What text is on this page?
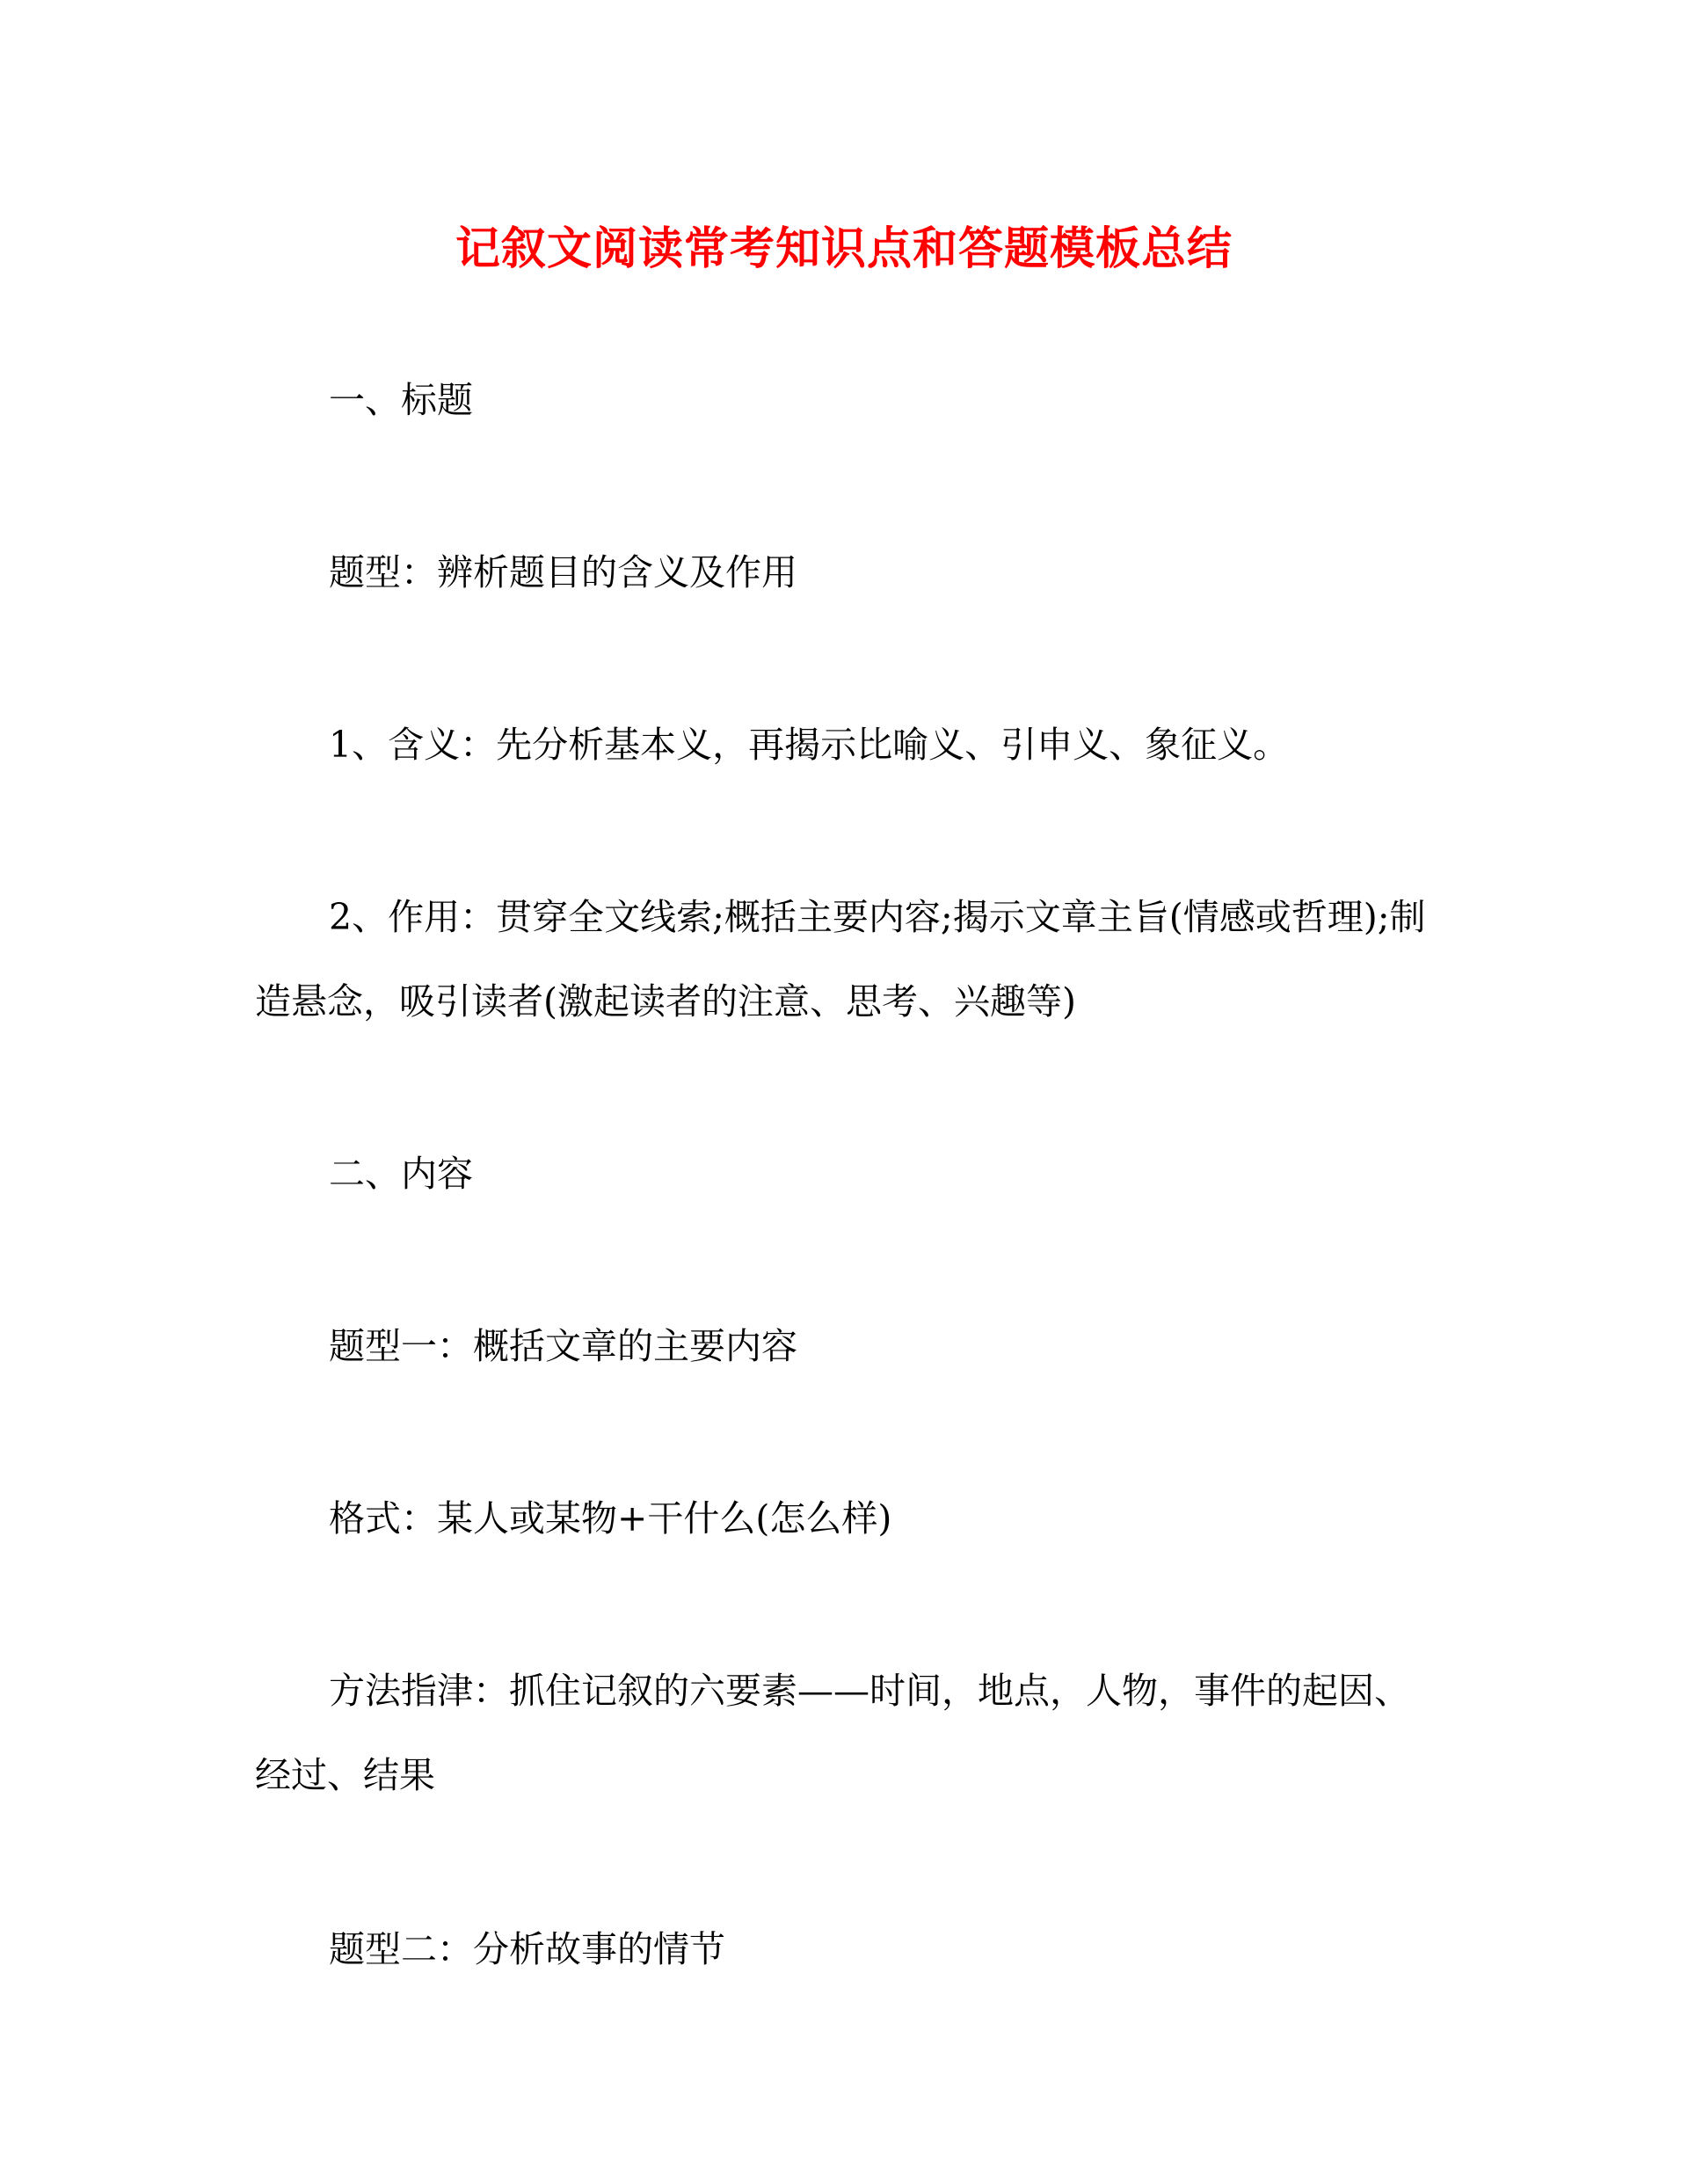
记叙文阅读常考知识点和答题模板总结
一、标题
题型：辨析题目的含义及作用
1、含义：先分析基本义，再揭示比喻义、引申义、象征义。
2、作用：贯穿全文线索;概括主要内容;揭示文章主旨(情感或哲理);制造悬念，吸引读者(激起读者的注意、思考、兴趣等)
二、内容
题型一：概括文章的主要内容
格式：某人或某物+干什么(怎么样)
方法指津：抓住记叙的六要素——时间，地点，人物，事件的起因、经过、结果
题型二：分析故事的情节
